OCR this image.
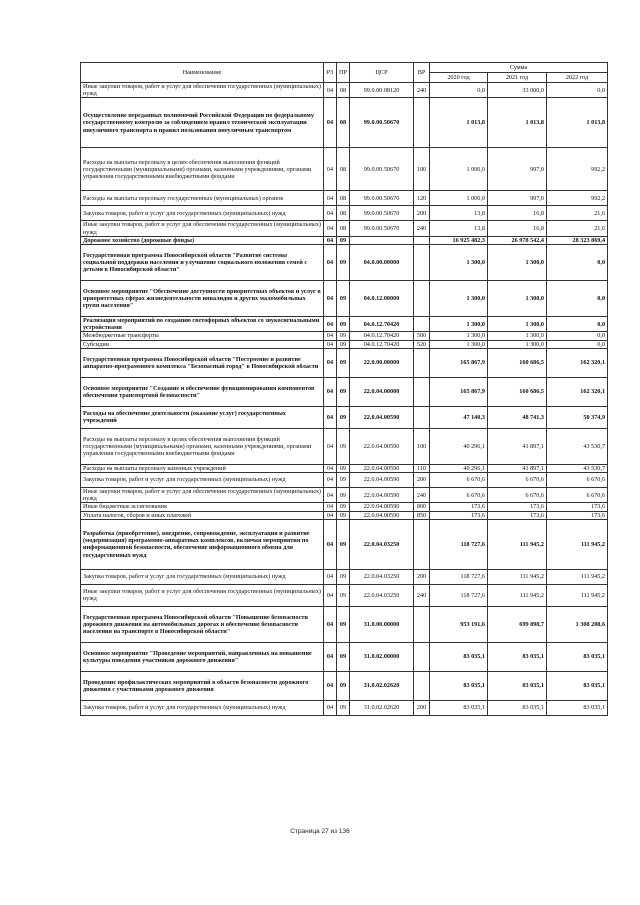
Наименование	РЗ	ПР	ЦСР	ВР	Сумма		
					2020 год	2021 год	2022 год
Иные закупки товаров, работ и услуг для обеспечения государственных (муниципальных) нужд	04	08	99.0.00.08120	240	0,0	33 000,0	0,0
Осуществление переданных полномочий Российской Федерации по федеральному государственному контролю за соблюдением правил технической эксплуатации внеуличного транспорта и правил пользования внеуличным транспортом	04	08	99.0.00.50670		1 013,8	1 013,8	1 013,8
Расходы на выплаты персоналу в целях обеспечения выполнения функций государственными (муниципальными) органами, казенными учреждениями, органами управления государственными внебюджетными фондами	04	08	99.0.00.50670	100	1 000,0	997,0	992,2
Расходы на выплаты персоналу государственных (муниципальных) органов	04	08	99.0.00.50670	120	1 000,0	997,0	992,2
Закупка товаров, работ и услуг для государственных (муниципальных) нужд	04	08	99.0.00.50670	200	13,8	16,8	21,6
Иные закупки товаров, работ и услуг для обеспечения государственных (муниципальных) нужд	04	08	99.0.00.50670	240	13,8	16,8	21,6
Дорожное хозяйство (дорожные фонды)	04	09			16 925 482,3	26 978 542,4	28 323 869,4
Государственная программа Новосибирской области "Развитие системы социальной поддержки населения и улучшение социального положения семей с детьми в Новосибирской области"	04	09	04.0.00.00000		1 300,0	1 300,0	0,0
Основное мероприятие "Обеспечение доступности приоритетных объектов и услуг в приоритетных сферах жизнедеятельности инвалидов и других маломобильных групп населения"	04	09	04.0.12.00000		1 300,0	1 300,0	0,0
Реализация мероприятий по созданию светофорных объектов со звукосигнальными устройствами	04	09	04.0.12.70420		1 300,0	1 300,0	0,0
Межбюджетные трансферты	04	09	04.0.12.70420	500	1 300,0	1 300,0	0,0
Субсидии	04	09	04.0.12.70420	520	1 300,0	1 300,0	0,0
Государственная программа Новосибирской области "Построение и развитие аппаратно-программного комплекса "Безопасный город" в Новосибирской области	04	09	22.0.00.00000		165 867,9	160 686,5	162 320,1
Основное мероприятие "Создание и обеспечение функционирования компонентов обеспечения транспортной безопасности"	04	09	22.0.04.00000		165 867,9	160 686,5	162 320,1
Расходы на обеспечение деятельности (оказание услуг) государственных учреждений	04	09	22.0.04.00590		47 140,3	48 741,3	50 374,9
Расходы на выплаты персоналу в целях обеспечения выполнения функций государственными (муниципальными) органами, казенными учреждениями, органами управления государственными внебюджетными фондами	04	09	22.0.04.00590	100	40 296,1	41 897,1	43 530,7
Расходы на выплаты персоналу казенных учреждений	04	09	22.0.04.00590	110	40 296,1	41 897,1	43 530,7
Закупка товаров, работ и услуг для государственных (муниципальных) нужд	04	09	22.0.04.00590	200	6 670,6	6 670,6	6 670,6
Иные закупки товаров, работ и услуг для обеспечения государственных (муниципальных) нужд	04	09	22.0.04.00590	240	6 670,6	6 670,6	6 670,6
Иные бюджетные ассигнования	04	09	22.0.04.00590	800	173,6	173,6	173,6
Уплата налогов, сборов и иных платежей	04	09	22.0.04.00590	850	173,6	173,6	173,6
Разработка (приобретение), внедрение, сопровождение, эксплуатация и развитие (модернизация) программно-аппаратных комплексов, включая мероприятия по информационной безопасности, обеспечение информационного обмена для государственных нужд	04	09	22.0.04.03250		118 727,6	111 945,2	111 945,2
Закупка товаров, работ и услуг для государственных (муниципальных) нужд	04	09	22.0.04.03250	200	118 727,6	111 945,2	111 945,2
Иные закупки товаров, работ и услуг для обеспечения государственных (муниципальных) нужд	04	09	22.0.04.03250	240	118 727,6	111 945,2	111 945,2
Государственная программа Новосибирской области "Повышение безопасности дорожного движения на автомобильных дорогах и обеспечение безопасности населения на транспорте в Новосибирской области"	04	09	31.0.00.00000		953 191,6	699 898,7	1 308 208,6
Основное мероприятие "Проведение мероприятий, направленных на повышение культуры поведения участников дорожного движения"	04	09	31.0.02.00000		83 035,1	83 035,1	83 035,1
Проведение профилактических мероприятий в области безопасности дорожного движения с участниками дорожного движения	04	09	31.0.02.02620		83 035,1	83 035,1	83 035,1
Закупка товаров, работ и услуг для государственных (муниципальных) нужд	04	09	31.0.02.02620	200	83 035,1	83 035,1	83 035,1
Страница 27 из 136
